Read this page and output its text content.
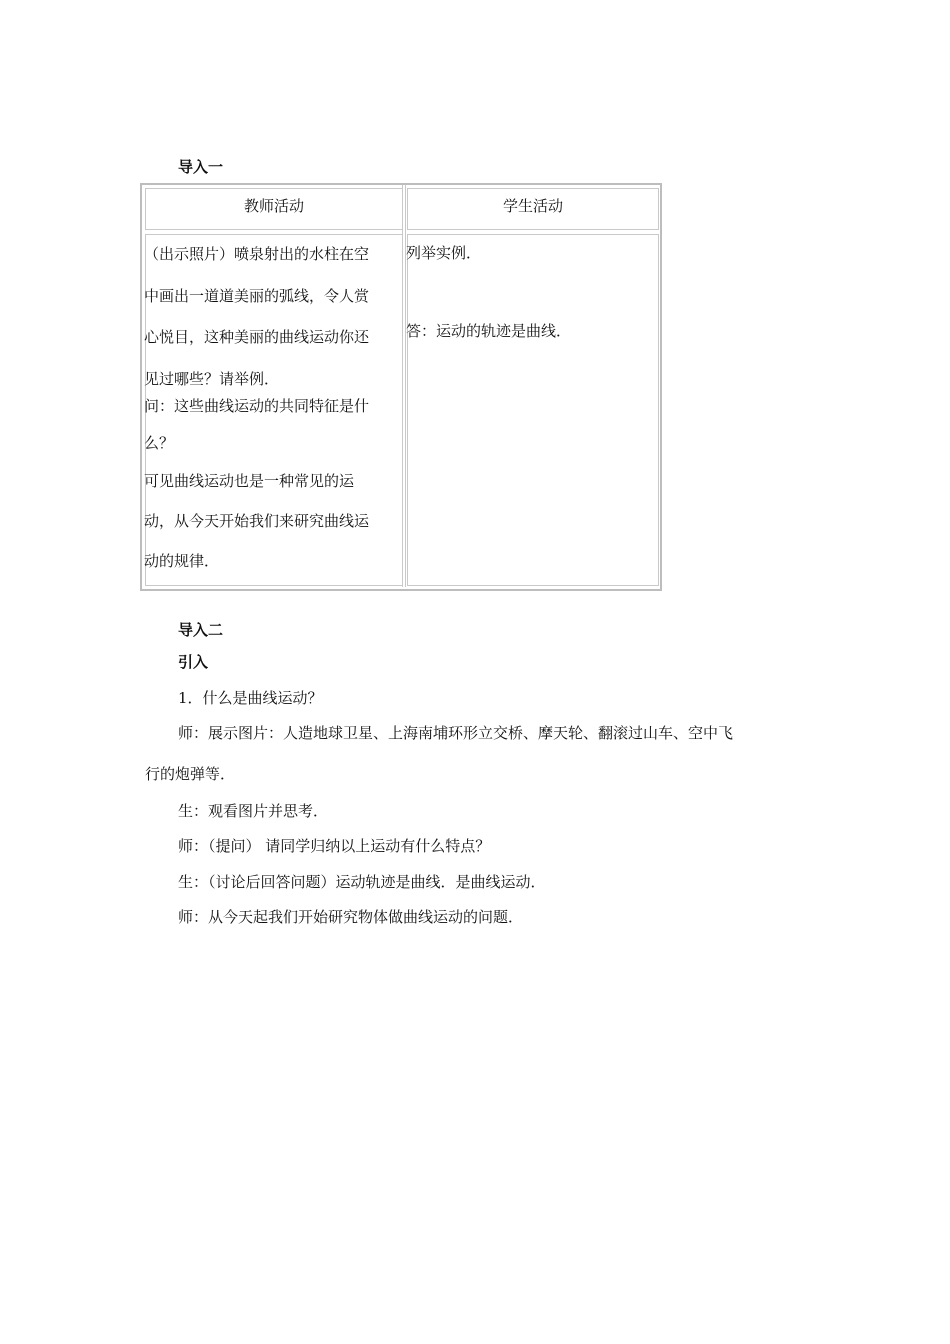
导入一
教师活动	学生活动

（出示照片）喷泉射出的水柱在空

中画出一道道美丽的弧线，令人赏

心悦目，这种美丽的曲线运动你还

见过哪些？请举例．

问：这些曲线运动的共同特征是什

么？

可见曲线运动也是一种常见的运

动，从今天开始我们来研究曲线运

动的规律．

列举实例．

答：运动的轨迹是曲线．

导入二
引入
1．什么是曲线运动？
师：展示图片：人造地球卫星、上海南埔环形立交桥、摩天轮、翻滚过山车、空中飞
行的炮弹等．
生：观看图片并思考．
师：（提问） 请同学归纳以上运动有什么特点？
生：（讨论后回答问题）运动轨迹是曲线．是曲线运动．
师：从今天起我们开始研究物体做曲线运动的问题．
